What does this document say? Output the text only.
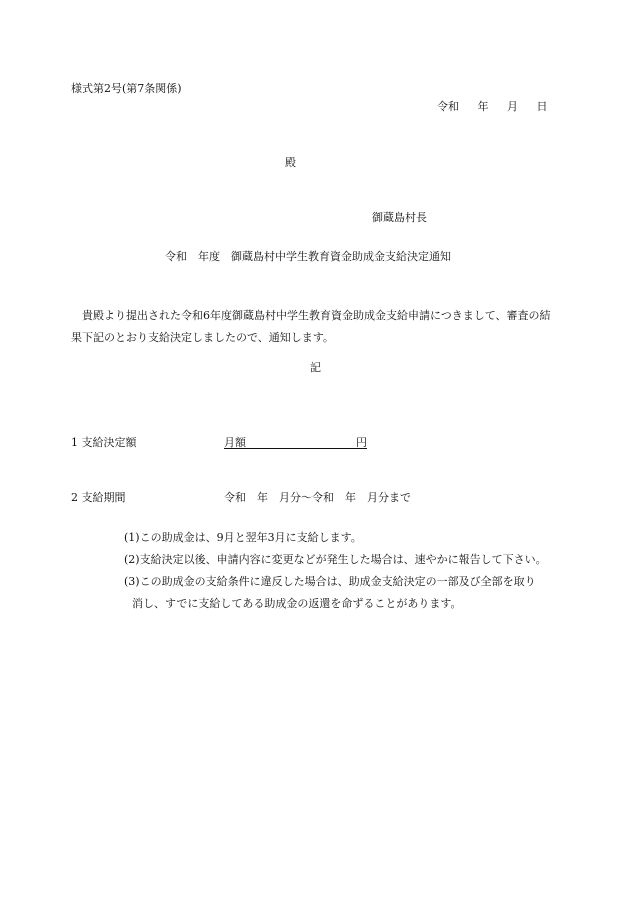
様式第2号(第7条関係)
令和　 年　 月　 日
殿
御蔵島村長
令和　年度　御蔵島村中学生教育資金助成金支給決定通知
貴殿より提出された令和6年度御蔵島村中学生教育資金助成金支給申請につきまして、審査の結果下記のとおり支給決定しましたので、通知します。
記
1 支給決定額	月額　　　　　　　　　　円
2 支給期間	令和　年　月分～令和　年　月分まで
(1)この助成金は、9月と翌年3月に支給します。
(2)支給決定以後、申請内容に変更などが発生した場合は、速やかに報告して下さい。
(3)この助成金の支給条件に違反した場合は、助成金支給決定の一部及び全部を取り
消し、すでに支給してある助成金の返還を命ずることがあります。
